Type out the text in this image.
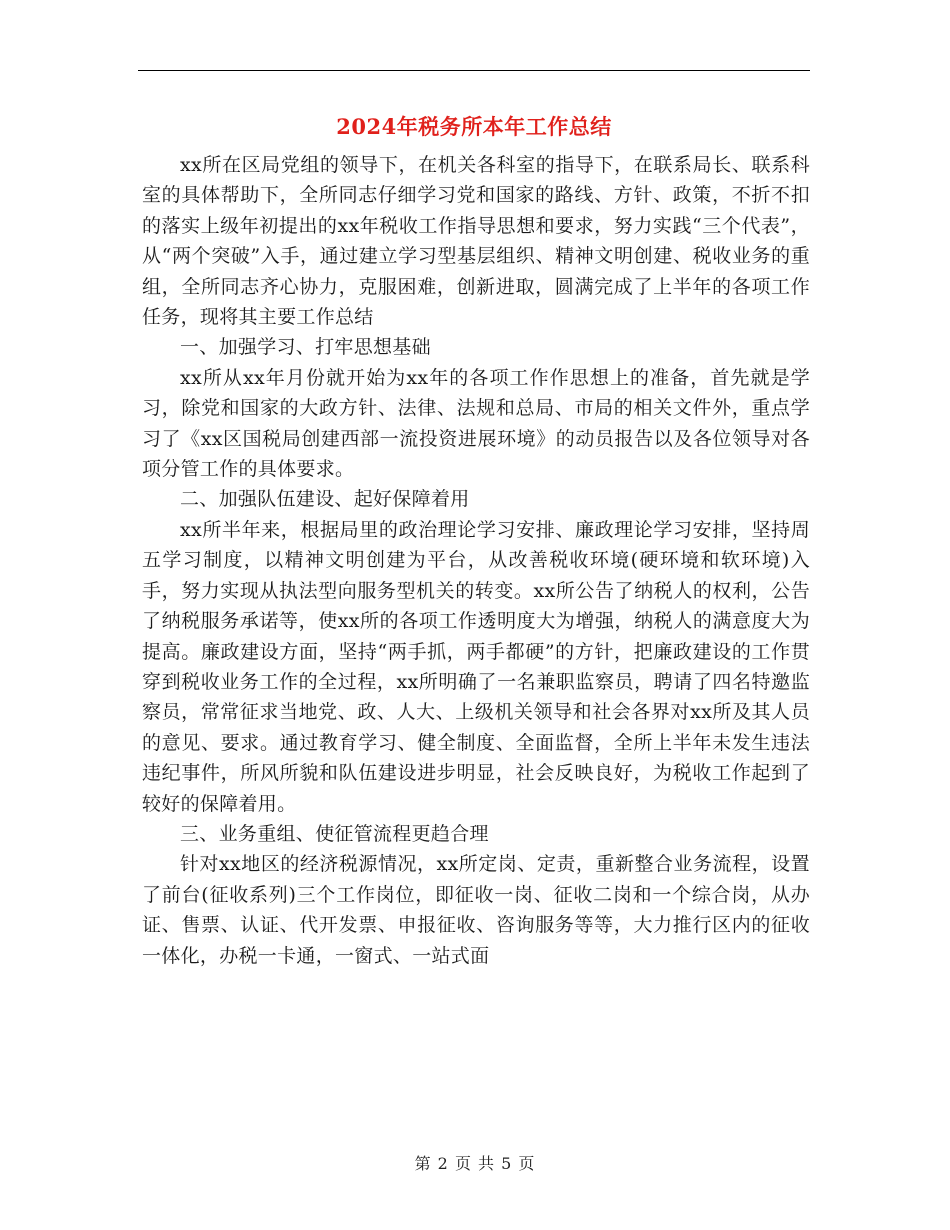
2024年税务所本年工作总结

xx所在区局党组的领导下，在机关各科室的指导下，在联系局长、联系科室的具体帮助下，全所同志仔细学习党和国家的路线、方针、政策，不折不扣的落实上级年初提出的xx年税收工作指导思想和要求，努力实践“三个代表”，从“两个突破”入手，通过建立学习型基层组织、精神文明创建、税收业务的重组，全所同志齐心协力，克服困难，创新进取，圆满完成了上半年的各项工作任务，现将其主要工作总结

一、加强学习、打牢思想基础

xx所从xx年月份就开始为xx年的各项工作作思想上的准备，首先就是学习，除党和国家的大政方针、法律、法规和总局、市局的相关文件外，重点学习了《xx区国税局创建西部一流投资进展环境》的动员报告以及各位领导对各项分管工作的具体要求。

二、加强队伍建设、起好保障着用

xx所半年来，根据局里的政治理论学习安排、廉政理论学习安排，坚持周五学习制度，以精神文明创建为平台，从改善税收环境(硬环境和软环境)入手，努力实现从执法型向服务型机关的转变。xx所公告了纳税人的权利，公告了纳税服务承诺等，使xx所的各项工作透明度大为增强，纳税人的满意度大为提高。廉政建设方面，坚持“两手抓，两手都硬”的方针，把廉政建设的工作贯穿到税收业务工作的全过程，xx所明确了一名兼职监察员，聘请了四名特邀监察员，常常征求当地党、政、人大、上级机关领导和社会各界对xx所及其人员的意见、要求。通过教育学习、健全制度、全面监督，全所上半年未发生违法违纪事件，所风所貌和队伍建设进步明显，社会反映良好，为税收工作起到了较好的保障着用。

三、业务重组、使征管流程更趋合理

针对xx地区的经济税源情况，xx所定岗、定责，重新整合业务流程，设置了前台(征收系列)三个工作岗位，即征收一岗、征收二岗和一个综合岗，从办证、售票、认证、代开发票、申报征收、咨询服务等等，大力推行区内的征收一体化，办税一卡通，一窗式、一站式面

第 2 页 共 5 页
